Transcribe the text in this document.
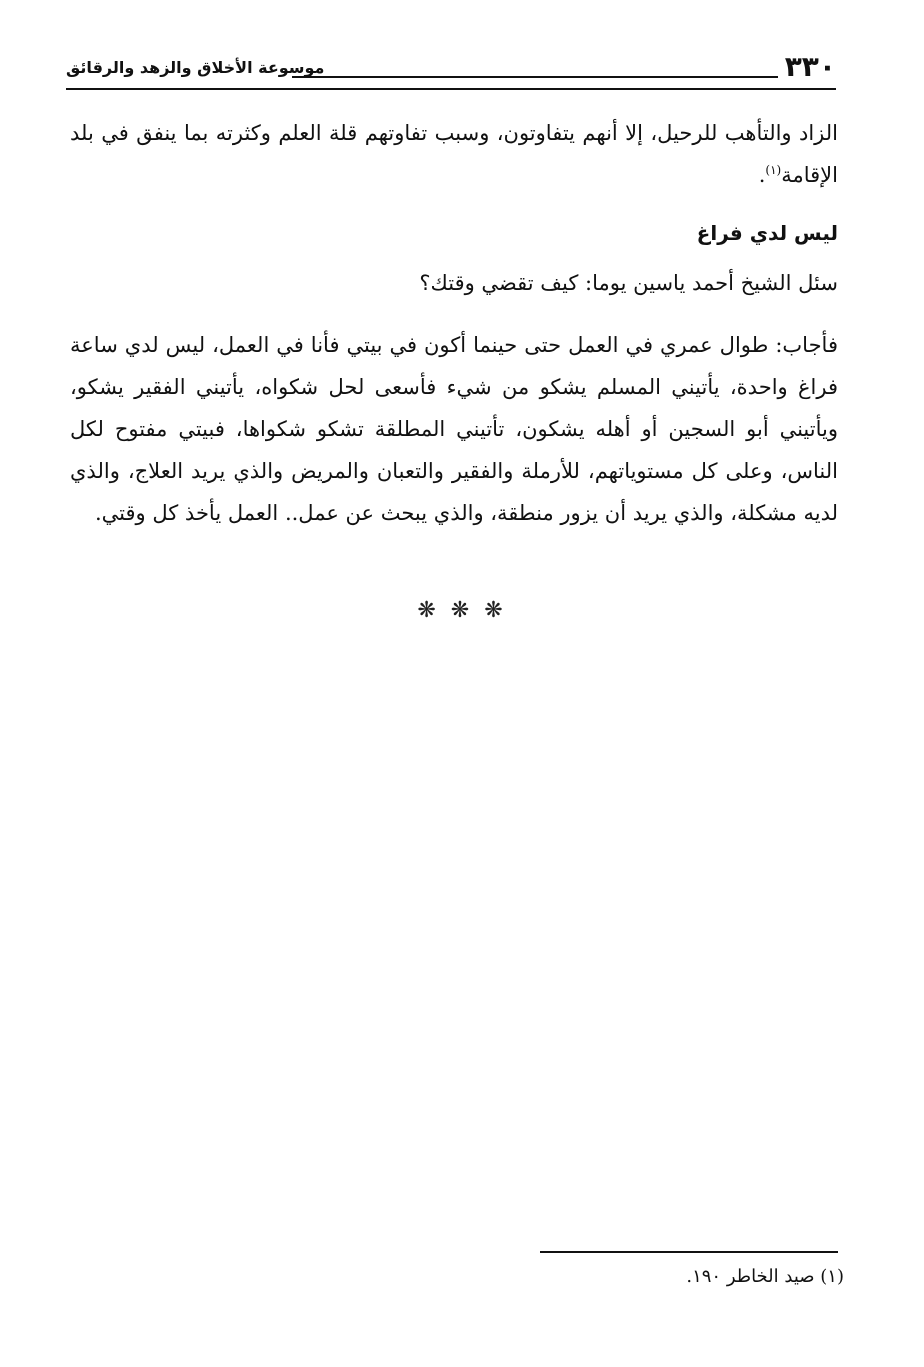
٣٣٠
موسوعة الأخلاق والزهد والرقائق

الزاد والتأهب للرحيل، إلا أنهم يتفاوتون، وسبب تفاوتهم قلة العلم وكثرته بما ينفق في بلد الإقامة$^{(١)}$.

ليس لدي فراغ

سئل الشيخ أحمد ياسين يوما: كيف تقضي وقتك؟

فأجاب: طوال عمري في العمل حتى حينما أكون في بيتي فأنا في العمل، ليس لدي ساعة فراغ واحدة، يأتيني المسلم يشكو من شيء فأسعى لحل شكواه، يأتيني الفقير يشكو، ويأتيني أبو السجين أو أهله يشكون، تأتيني المطلقة تشكو شكواها، فبيتي مفتوح لكل الناس، وعلى كل مستوياتهم، للأرملة والفقير والتعبان والمريض والذي يريد العلاج، والذي لديه مشكلة، والذي يريد أن يزور منطقة، والذي يبحث عن عمل.. العمل يأخذ كل وقتي.

❋ ❋ ❋
(١) صيد الخاطر ١٩٠.
